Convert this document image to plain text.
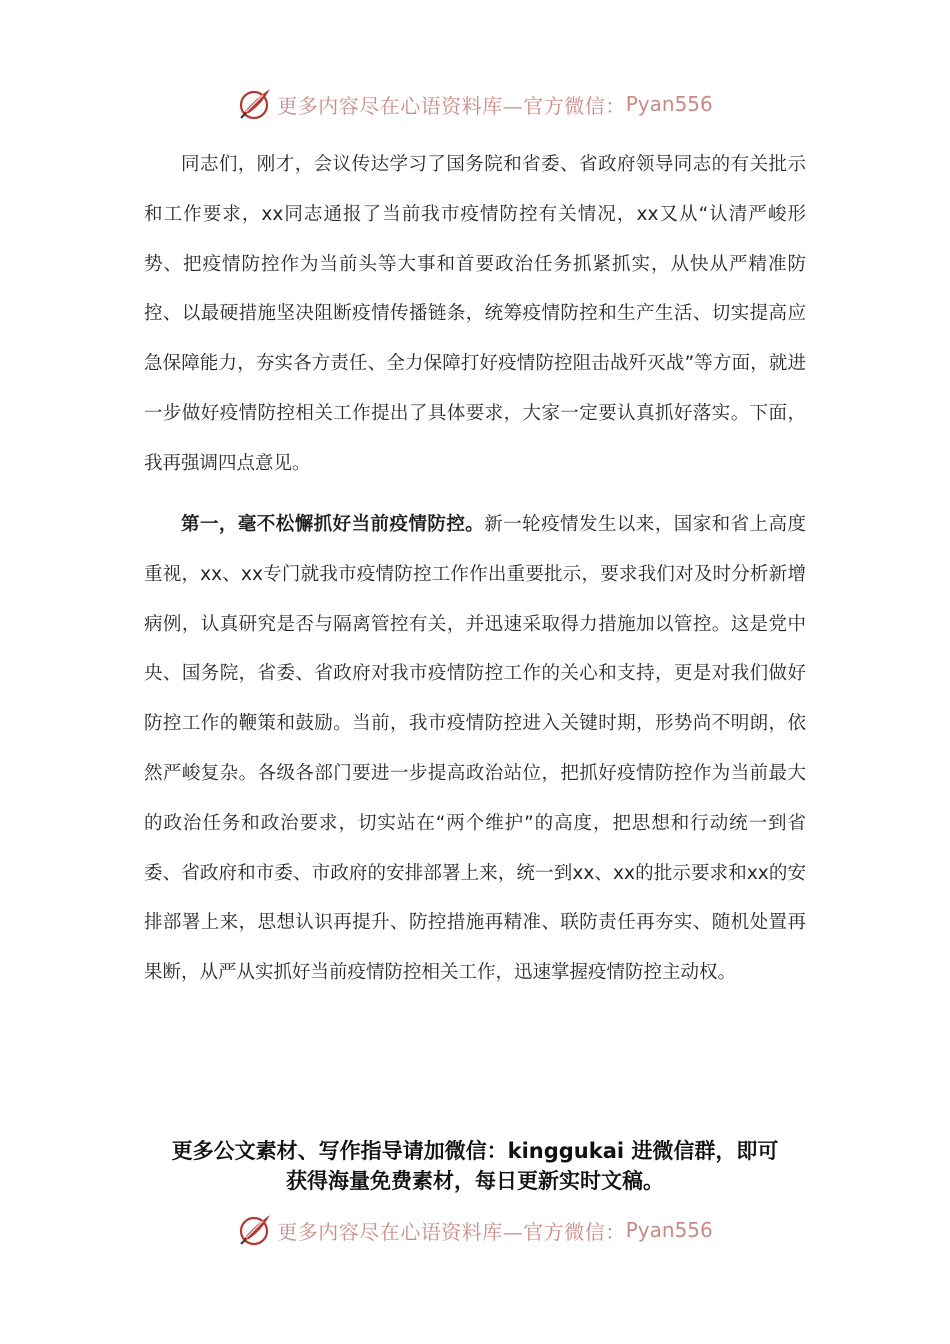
更多内容尽在心语资料库—官方微信： Pyan556

同志们，刚才，会议传达学习了国务院和省委、省政府领导同志的有关批示和工作要求，xx同志通报了当前我市疫情防控有关情况，xx又从“认清严峻形势、把疫情防控作为当前头等大事和首要政治任务抓紧抓实，从快从严精准防控、以最硬措施坚决阻断疫情传播链条，统筹疫情防控和生产生活、切实提高应急保障能力，夯实各方责任、全力保障打好疫情防控阻击战歼灭战”等方面，就进一步做好疫情防控相关工作提出了具体要求，大家一定要认真抓好落实。下面，我再强调四点意见。

第一，毫不松懈抓好当前疫情防控。新一轮疫情发生以来，国家和省上高度重视，xx、xx专门就我市疫情防控工作作出重要批示，要求我们对及时分析新增病例，认真研究是否与隔离管控有关，并迅速采取得力措施加以管控。这是党中央、国务院，省委、省政府对我市疫情防控工作的关心和支持，更是对我们做好防控工作的鞭策和鼓励。当前，我市疫情防控进入关键时期，形势尚不明朗，依然严峻复杂。各级各部门要进一步提高政治站位，把抓好疫情防控作为当前最大的政治任务和政治要求，切实站在“两个维护”的高度，把思想和行动统一到省委、省政府和市委、市政府的安排部署上来，统一到xx、xx的批示要求和xx的安排部署上来，思想认识再提升、防控措施再精准、联防责任再夯实、随机处置再果断，从严从实抓好当前疫情防控相关工作，迅速掌握疫情防控主动权。

更多公文素材、写作指导请加微信：kinggukai 进微信群，即可
获得海量免费素材，每日更新实时文稿。
更多内容尽在心语资料库—官方微信： Pyan556
